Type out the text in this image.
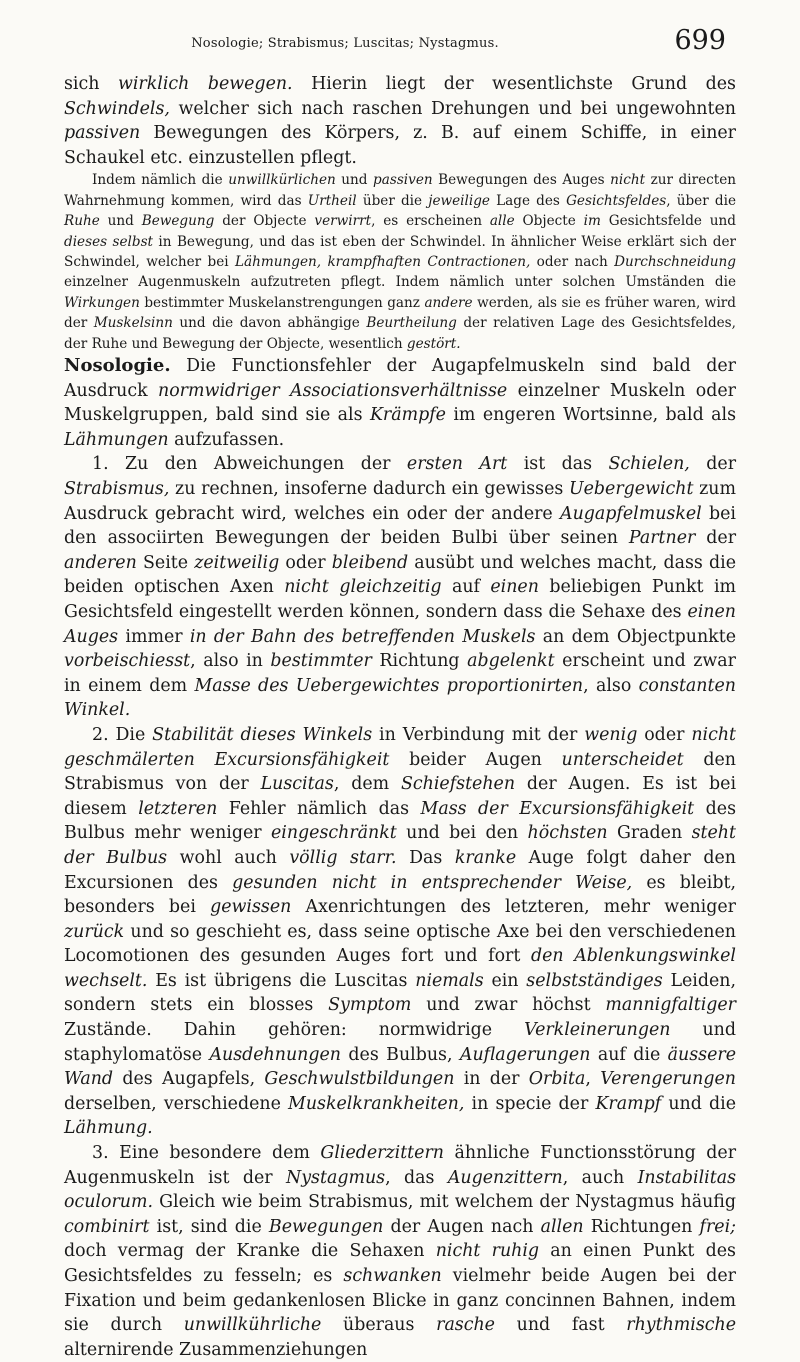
Nosologie; Strabismus; Luscitas; Nystagmus.	699

sich wirklich bewegen. Hierin liegt der wesentlichste Grund des Schwindels, welcher sich nach raschen Drehungen und bei ungewohnten passiven Bewegungen des Körpers, z. B. auf einem Schiffe, in einer Schaukel etc. einzustellen pflegt.

Indem nämlich die unwillkürlichen und passiven Bewegungen des Auges nicht zur directen Wahrnehmung kommen, wird das Urtheil über die jeweilige Lage des Gesichtsfeldes, über die Ruhe und Bewegung der Objecte verwirrt, es erscheinen alle Objecte im Gesichtsfelde und dieses selbst in Bewegung, und das ist eben der Schwindel. In ähnlicher Weise erklärt sich der Schwindel, welcher bei Lähmungen, krampfhaften Contractionen, oder nach Durchschneidung einzelner Augenmuskeln aufzutreten pflegt. Indem nämlich unter solchen Umständen die Wirkungen bestimmter Muskelanstrengungen ganz andere werden, als sie es früher waren, wird der Muskelsinn und die davon abhängige Beurtheilung der relativen Lage des Gesichtsfeldes, der Ruhe und Bewegung der Objecte, wesentlich gestört.

Nosologie. Die Functionsfehler der Augapfelmuskeln sind bald der Ausdruck normwidriger Associationsverhältnisse einzelner Muskeln oder Muskelgruppen, bald sind sie als Krämpfe im engeren Wortsinne, bald als Lähmungen aufzufassen.

1. Zu den Abweichungen der ersten Art ist das Schielen, der Strabismus, zu rechnen, insoferne dadurch ein gewisses Uebergewicht zum Ausdruck gebracht wird, welches ein oder der andere Augapfelmuskel bei den associirten Bewegungen der beiden Bulbi über seinen Partner der anderen Seite zeitweilig oder bleibend ausübt und welches macht, dass die beiden optischen Axen nicht gleichzeitig auf einen beliebigen Punkt im Gesichtsfeld eingestellt werden können, sondern dass die Sehaxe des einen Auges immer in der Bahn des betreffenden Muskels an dem Objectpunkte vorbeischiesst, also in bestimmter Richtung abgelenkt erscheint und zwar in einem dem Masse des Uebergewichtes proportionirten, also constanten Winkel.

2. Die Stabilität dieses Winkels in Verbindung mit der wenig oder nicht geschmälerten Excursionsfähigkeit beider Augen unterscheidet den Strabismus von der Luscitas, dem Schiefstehen der Augen. Es ist bei diesem letzteren Fehler nämlich das Mass der Excursionsfähigkeit des Bulbus mehr weniger eingeschränkt und bei den höchsten Graden steht der Bulbus wohl auch völlig starr. Das kranke Auge folgt daher den Excursionen des gesunden nicht in entsprechender Weise, es bleibt, besonders bei gewissen Axenrichtungen des letzteren, mehr weniger zurück und so geschieht es, dass seine optische Axe bei den verschiedenen Locomotionen des gesunden Auges fort und fort den Ablenkungswinkel wechselt. Es ist übrigens die Luscitas niemals ein selbstständiges Leiden, sondern stets ein blosses Symptom und zwar höchst mannigfaltiger Zustände. Dahin gehören: normwidrige Verkleinerungen und staphylomatöse Ausdehnungen des Bulbus, Auflagerungen auf die äussere Wand des Augapfels, Geschwulstbildungen in der Orbita, Verengerungen derselben, verschiedene Muskelkrankheiten, in specie der Krampf und die Lähmung.

3. Eine besondere dem Gliederzittern ähnliche Functionsstörung der Augenmuskeln ist der Nystagmus, das Augenzittern, auch Instabilitas oculorum. Gleich wie beim Strabismus, mit welchem der Nystagmus häufig combinirt ist, sind die Bewegungen der Augen nach allen Richtungen frei; doch vermag der Kranke die Sehaxen nicht ruhig an einen Punkt des Gesichtsfeldes zu fesseln; es schwanken vielmehr beide Augen bei der Fixation und beim gedankenlosen Blicke in ganz concinnen Bahnen, indem sie durch unwillkührliche überaus rasche und fast rhythmische alternirende Zusammenziehungen
